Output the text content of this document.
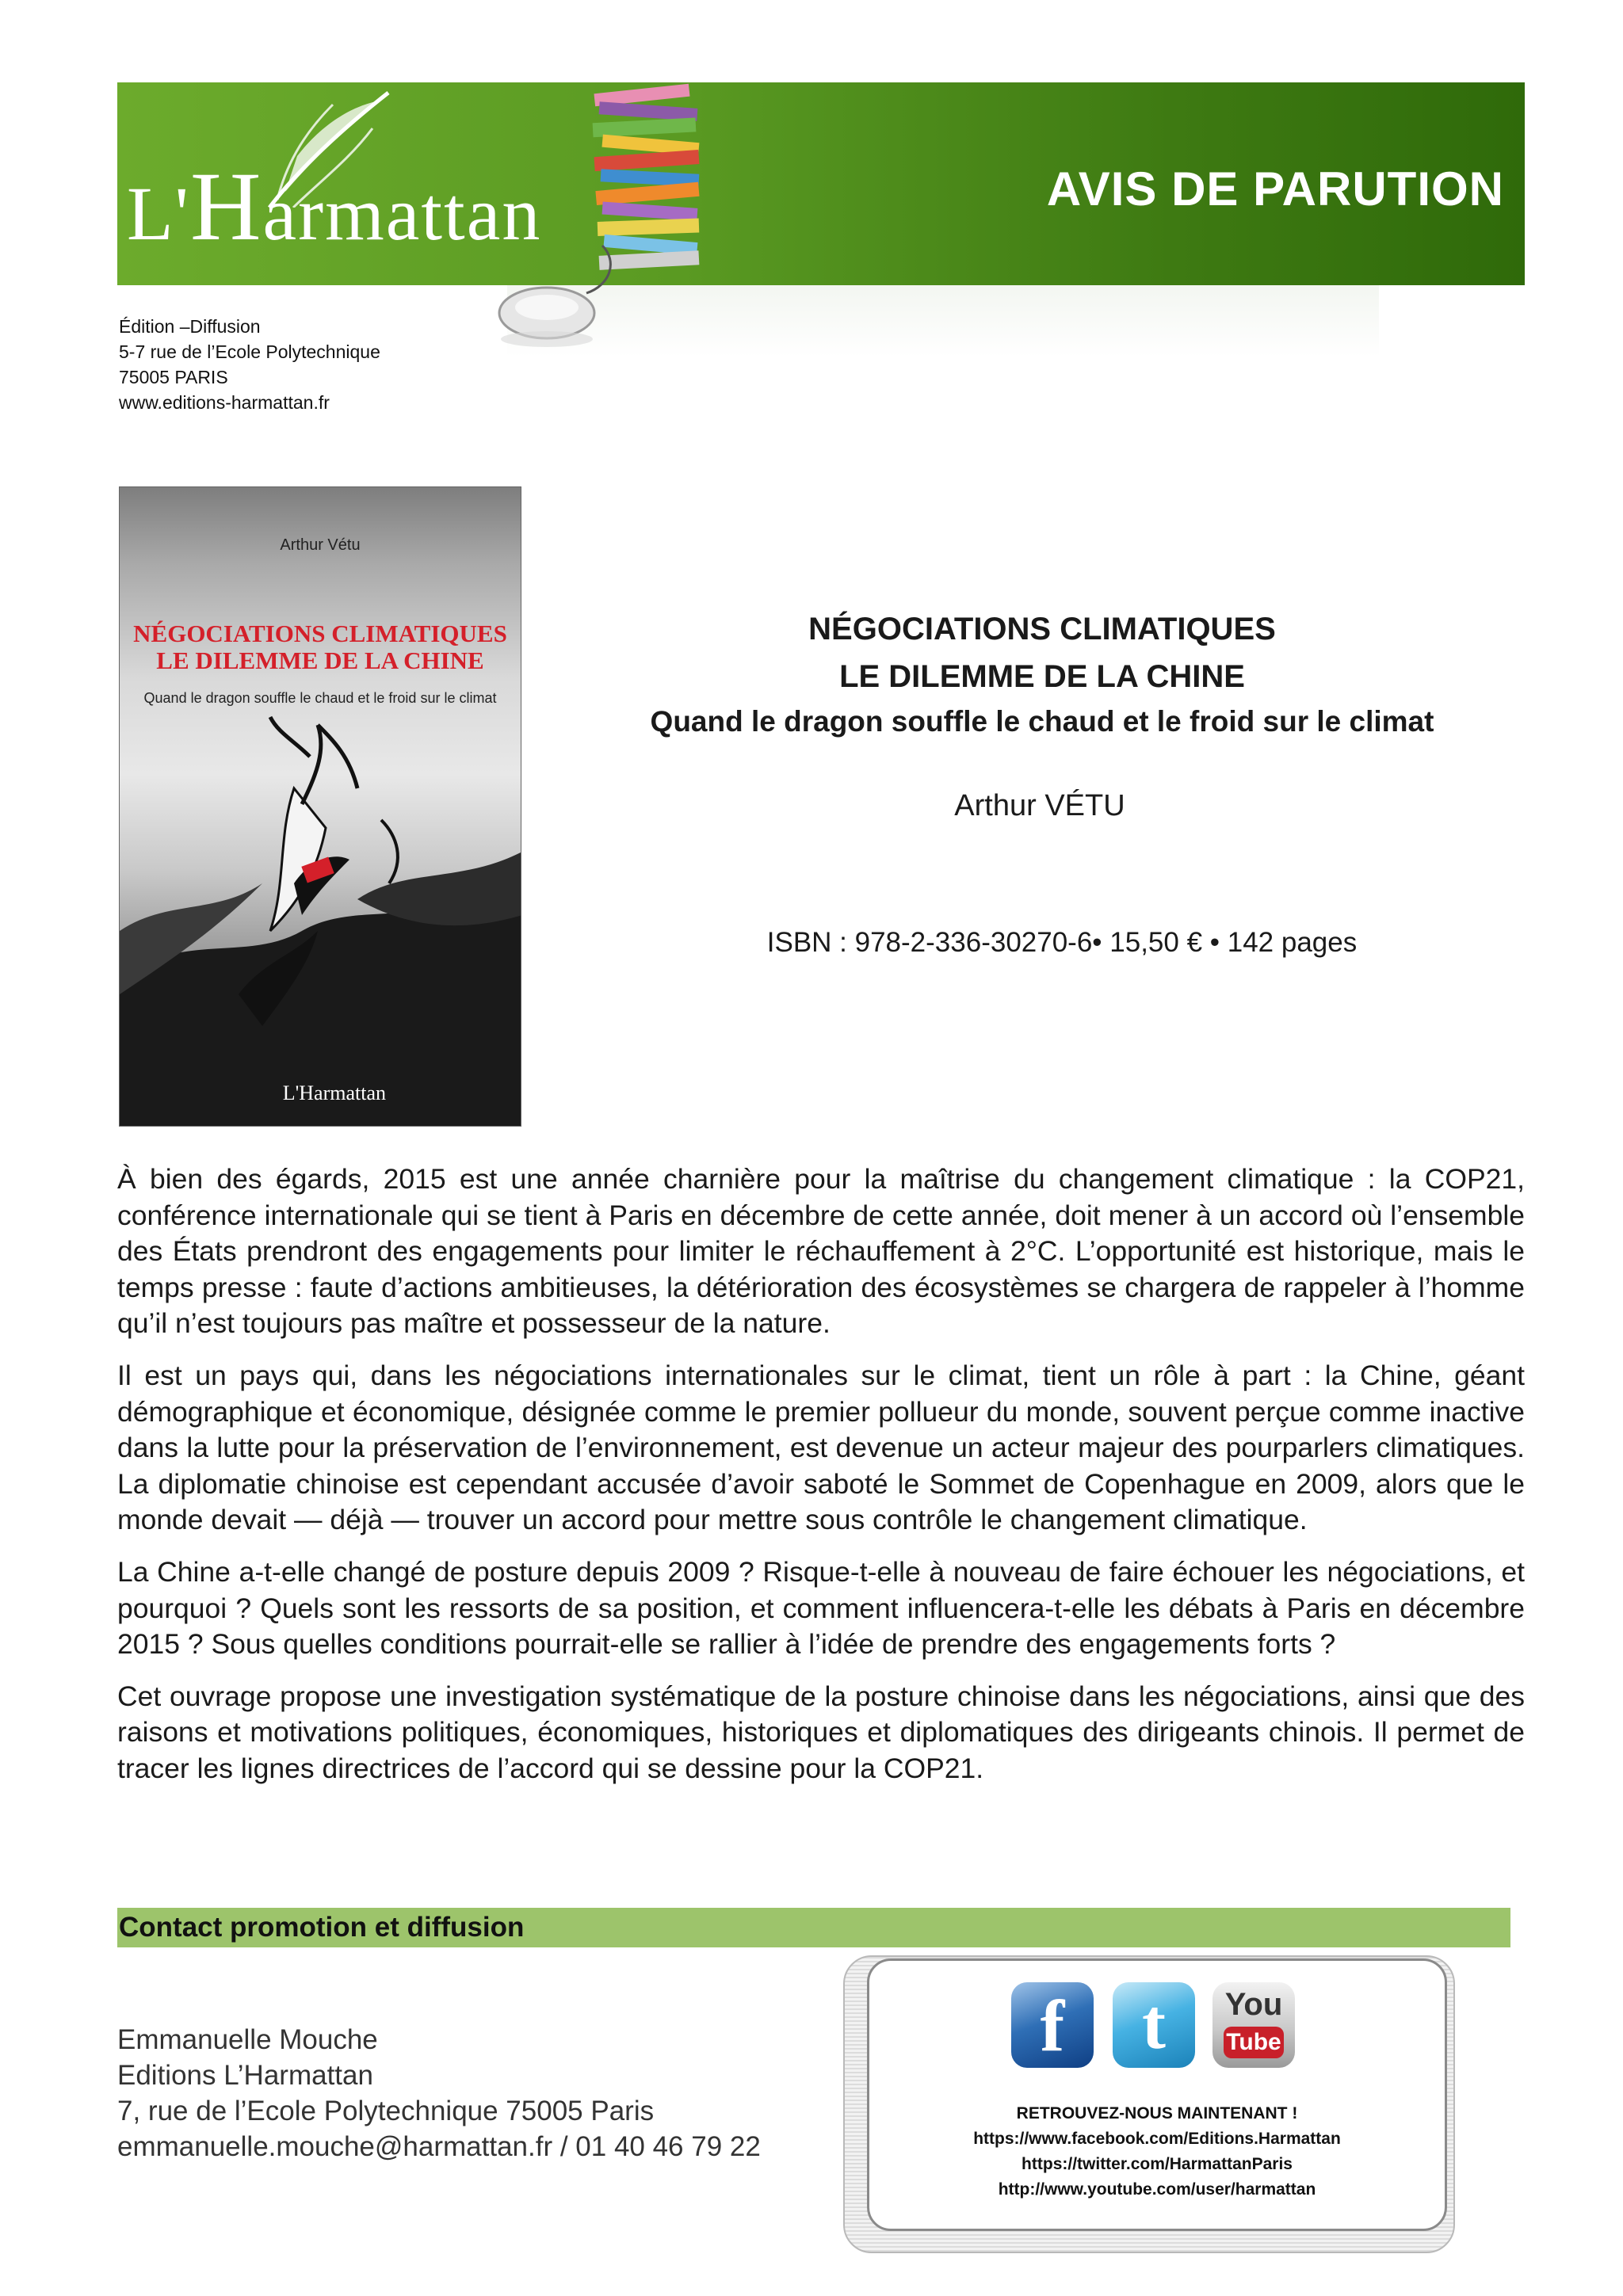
L'Harmattan	AVIS DE PARUTION
Édition –Diffusion
5-7 rue de l’Ecole Polytechnique
75005 PARIS
www.editions-harmattan.fr
Arthur Vétu
NÉGOCIATIONS CLIMATIQUES
LE DILEMME DE LA CHINE
Quand le dragon souffle le chaud et le froid sur le climat
L'Harmattan
NÉGOCIATIONS CLIMATIQUES
LE DILEMME DE LA CHINE
Quand le dragon souffle le chaud et le froid sur le climat
Arthur VÉTU
ISBN : 978-2-336-30270-6• 15,50 € • 142 pages

À bien des égards, 2015 est une année charnière pour la maîtrise du changement climatique : la COP21, conférence internationale qui se tient à Paris en décembre de cette année, doit mener à un accord où l’ensemble des États prendront des engagements pour limiter le réchauffement à 2°C. L’opportunité est historique, mais le temps presse : faute d’actions ambitieuses, la détérioration des écosystèmes se chargera de rappeler à l’homme qu’il n’est toujours pas maître et possesseur de la nature.

Il est un pays qui, dans les négociations internationales sur le climat, tient un rôle à part : la Chine, géant démographique et économique, désignée comme le premier pollueur du monde, souvent perçue comme inactive dans la lutte pour la préservation de l’environnement, est devenue un acteur majeur des pourparlers climatiques. La diplomatie chinoise est cependant accusée d’avoir saboté le Sommet de Copenhague en 2009, alors que le monde devait — déjà — trouver un accord pour mettre sous contrôle le changement climatique.

La Chine a-t-elle changé de posture depuis 2009 ? Risque-t-elle à nouveau de faire échouer les négociations, et pourquoi ? Quels sont les ressorts de sa position, et comment influencera-t-elle les débats à Paris en décembre 2015 ? Sous quelles conditions pourrait-elle se rallier à l’idée de prendre des engagements forts ?

Cet ouvrage propose une investigation systématique de la posture chinoise dans les négociations, ainsi que des raisons et motivations politiques, économiques, historiques et diplomatiques des dirigeants chinois. Il permet de tracer les lignes directrices de l’accord qui se dessine pour la COP21.

Contact promotion et diffusion
Emmanuelle Mouche
Editions L’Harmattan
7, rue de l’Ecole Polytechnique 75005 Paris
emmanuelle.mouche@harmattan.fr / 01 40 46 79 22
f	t	You
Tube
RETROUVEZ-NOUS MAINTENANT !
https://www.facebook.com/Editions.Harmattan
https://twitter.com/HarmattanParis
http://www.youtube.com/user/harmattan
